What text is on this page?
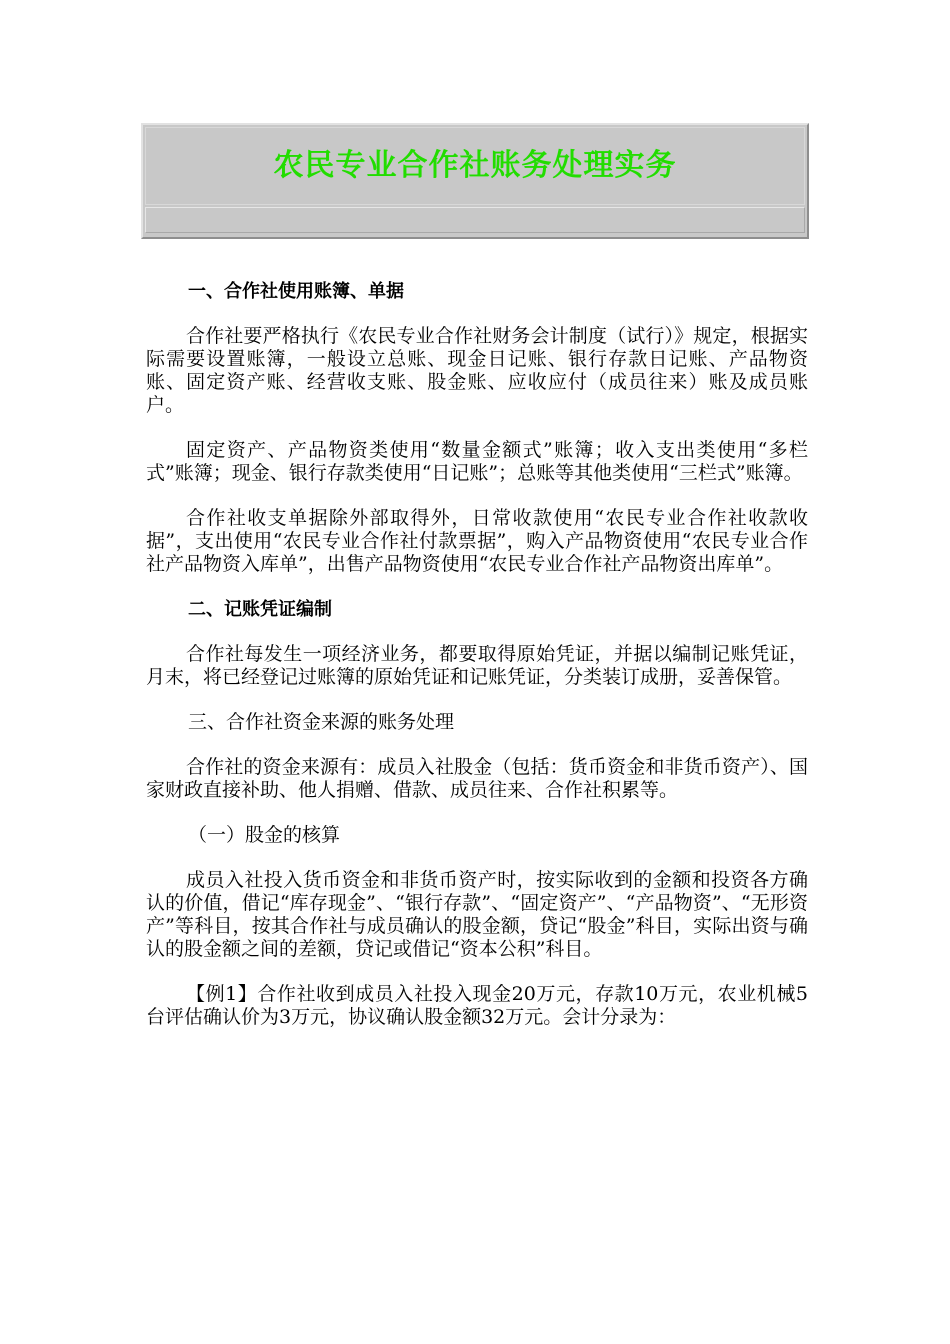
农民专业合作社账务处理实务
一、合作社使用账簿、单据
合作社要严格执行《农民专业合作社财务会计制度（试行）》规定，根据实际需要设置账簿，一般设立总账、现金日记账、银行存款日记账、产品物资账、固定资产账、经营收支账、股金账、应收应付（成员往来）账及成员账户。
固定资产、产品物资类使用“数量金额式”账簿；收入支出类使用“多栏式”账簿；现金、银行存款类使用“日记账”；总账等其他类使用“三栏式”账簿。
合作社收支单据除外部取得外，日常收款使用“农民专业合作社收款收据”，支出使用“农民专业合作社付款票据”，购入产品物资使用“农民专业合作社产品物资入库单”，出售产品物资使用“农民专业合作社产品物资出库单”。
二、记账凭证编制
合作社每发生一项经济业务，都要取得原始凭证，并据以编制记账凭证，月末，将已经登记过账簿的原始凭证和记账凭证，分类装订成册，妥善保管。
三、合作社资金来源的账务处理
合作社的资金来源有：成员入社股金（包括：货币资金和非货币资产）、国家财政直接补助、他人捐赠、借款、成员往来、合作社积累等。
（一）股金的核算
成员入社投入货币资金和非货币资产时，按实际收到的金额和投资各方确认的价值，借记“库存现金”、“银行存款”、“固定资产”、“产品物资”、“无形资产”等科目，按其合作社与成员确认的股金额，贷记“股金”科目，实际出资与确认的股金额之间的差额，贷记或借记“资本公积”科目。
【例1】合作社收到成员入社投入现金20万元，存款10万元，农业机械5台评估确认价为3万元，协议确认股金额32万元。会计分录为：
